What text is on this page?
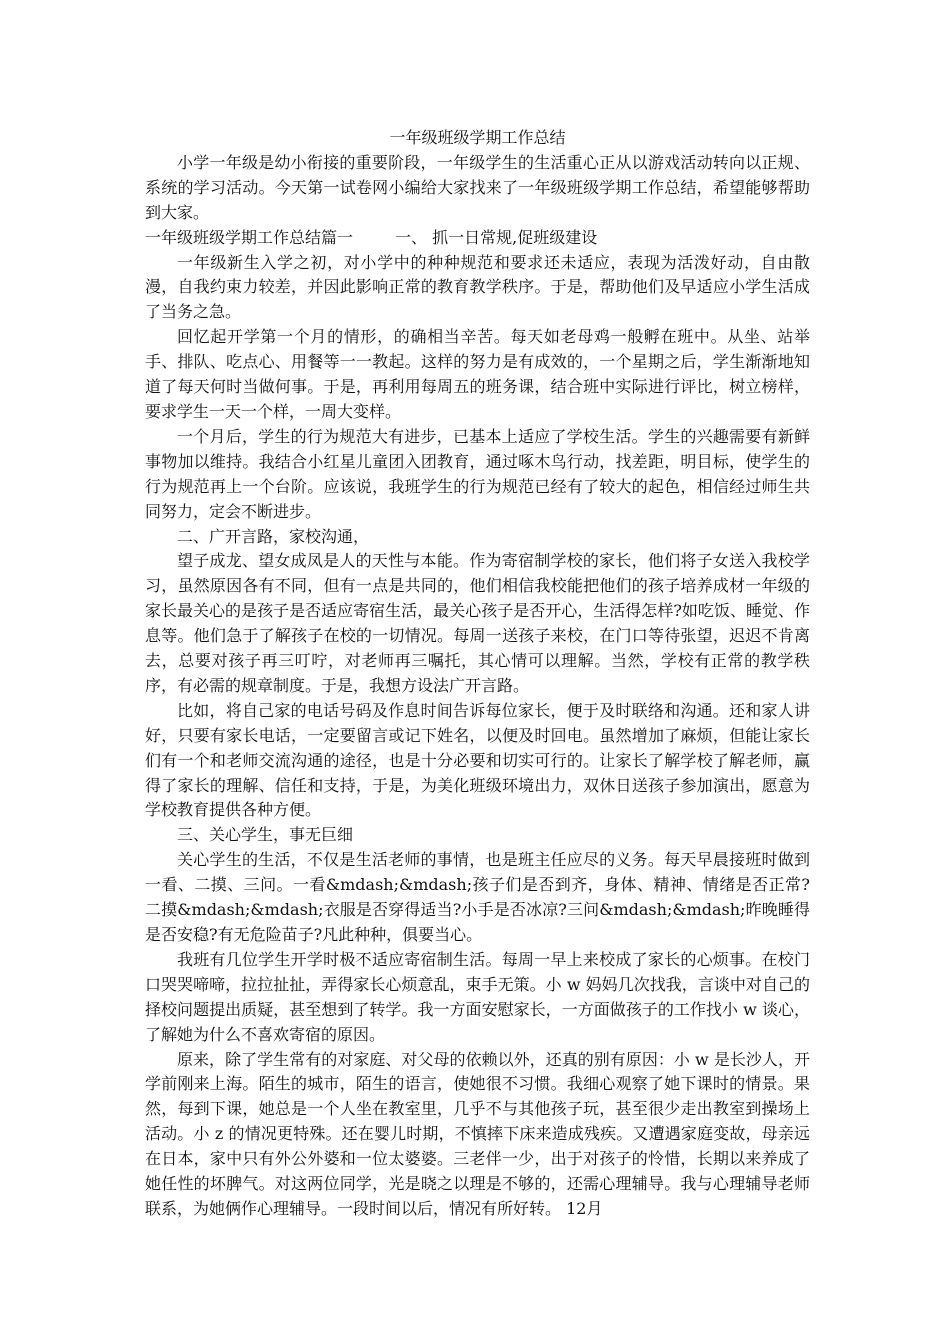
一年级班级学期工作总结

小学一年级是幼小衔接的重要阶段，一年级学生的生活重心正从以游戏活动转向以正规、系统的学习活动。今天第一试卷网小编给大家找来了一年级班级学期工作总结，希望能够帮助到大家。

一年级班级学期工作总结篇一	一、 抓一日常规,促班级建设

一年级新生入学之初，对小学中的种种规范和要求还未适应，表现为活泼好动，自由散漫，自我约束力较差，并因此影响正常的教育教学秩序。于是，帮助他们及早适应小学生活成了当务之急。

回忆起开学第一个月的情形，的确相当辛苦。每天如老母鸡一般孵在班中。从坐、站举手、排队、吃点心、用餐等一一教起。这样的努力是有成效的，一个星期之后，学生渐渐地知道了每天何时当做何事。于是，再利用每周五的班务课，结合班中实际进行评比，树立榜样，要求学生一天一个样，一周大变样。

一个月后，学生的行为规范大有进步，已基本上适应了学校生活。学生的兴趣需要有新鲜事物加以维持。我结合小红星儿童团入团教育，通过啄木鸟行动，找差距，明目标，使学生的行为规范再上一个台阶。应该说，我班学生的行为规范已经有了较大的起色，相信经过师生共同努力，定会不断进步。

二、广开言路，家校沟通，

望子成龙、望女成凤是人的天性与本能。作为寄宿制学校的家长，他们将子女送入我校学习，虽然原因各有不同，但有一点是共同的，他们相信我校能把他们的孩子培养成材一年级的家长最关心的是孩子是否适应寄宿生活，最关心孩子是否开心，生活得怎样?如吃饭、睡觉、作息等。他们急于了解孩子在校的一切情况。每周一送孩子来校，在门口等待张望，迟迟不肯离去，总要对孩子再三叮咛，对老师再三嘱托，其心情可以理解。当然，学校有正常的教学秩序，有必需的规章制度。于是，我想方设法广开言路。

比如，将自己家的电话号码及作息时间告诉每位家长，便于及时联络和沟通。还和家人讲好，只要有家长电话，一定要留言或记下姓名，以便及时回电。虽然增加了麻烦，但能让家长们有一个和老师交流沟通的途径，也是十分必要和切实可行的。让家长了解学校了解老师，赢得了家长的理解、信任和支持，于是，为美化班级环境出力，双休日送孩子参加演出，愿意为学校教育提供各种方便。

三、关心学生，事无巨细

关心学生的生活，不仅是生活老师的事情，也是班主任应尽的义务。每天早晨接班时做到一看、二摸、三问。一看&mdash;&mdash;孩子们是否到齐，身体、精神、情绪是否正常?二摸&mdash;&mdash;衣服是否穿得适当?小手是否冰凉?三问&mdash;&mdash;昨晚睡得是否安稳?有无危险苗子?凡此种种，俱要当心。

我班有几位学生开学时极不适应寄宿制生活。每周一早上来校成了家长的心烦事。在校门口哭哭啼啼，拉拉扯扯，弄得家长心烦意乱，束手无策。小 w 妈妈几次找我，言谈中对自己的择校问题提出质疑，甚至想到了转学。我一方面安慰家长，一方面做孩子的工作找小 w 谈心，了解她为什么不喜欢寄宿的原因。

原来，除了学生常有的对家庭、对父母的依赖以外，还真的别有原因：小 w 是长沙人，开学前刚来上海。陌生的城市，陌生的语言，使她很不习惯。我细心观察了她下课时的情景。果然，每到下课，她总是一个人坐在教室里，几乎不与其他孩子玩，甚至很少走出教室到操场上活动。小 z 的情况更特殊。还在婴儿时期，不慎摔下床来造成残疾。又遭遇家庭变故，母亲远在日本，家中只有外公外婆和一位太婆婆。三老伴一少，出于对孩子的怜惜，长期以来养成了她任性的坏脾气。对这两位同学，光是晓之以理是不够的，还需心理辅导。我与心理辅导老师联系，为她俩作心理辅导。一段时间以后，情况有所好转。 12月
